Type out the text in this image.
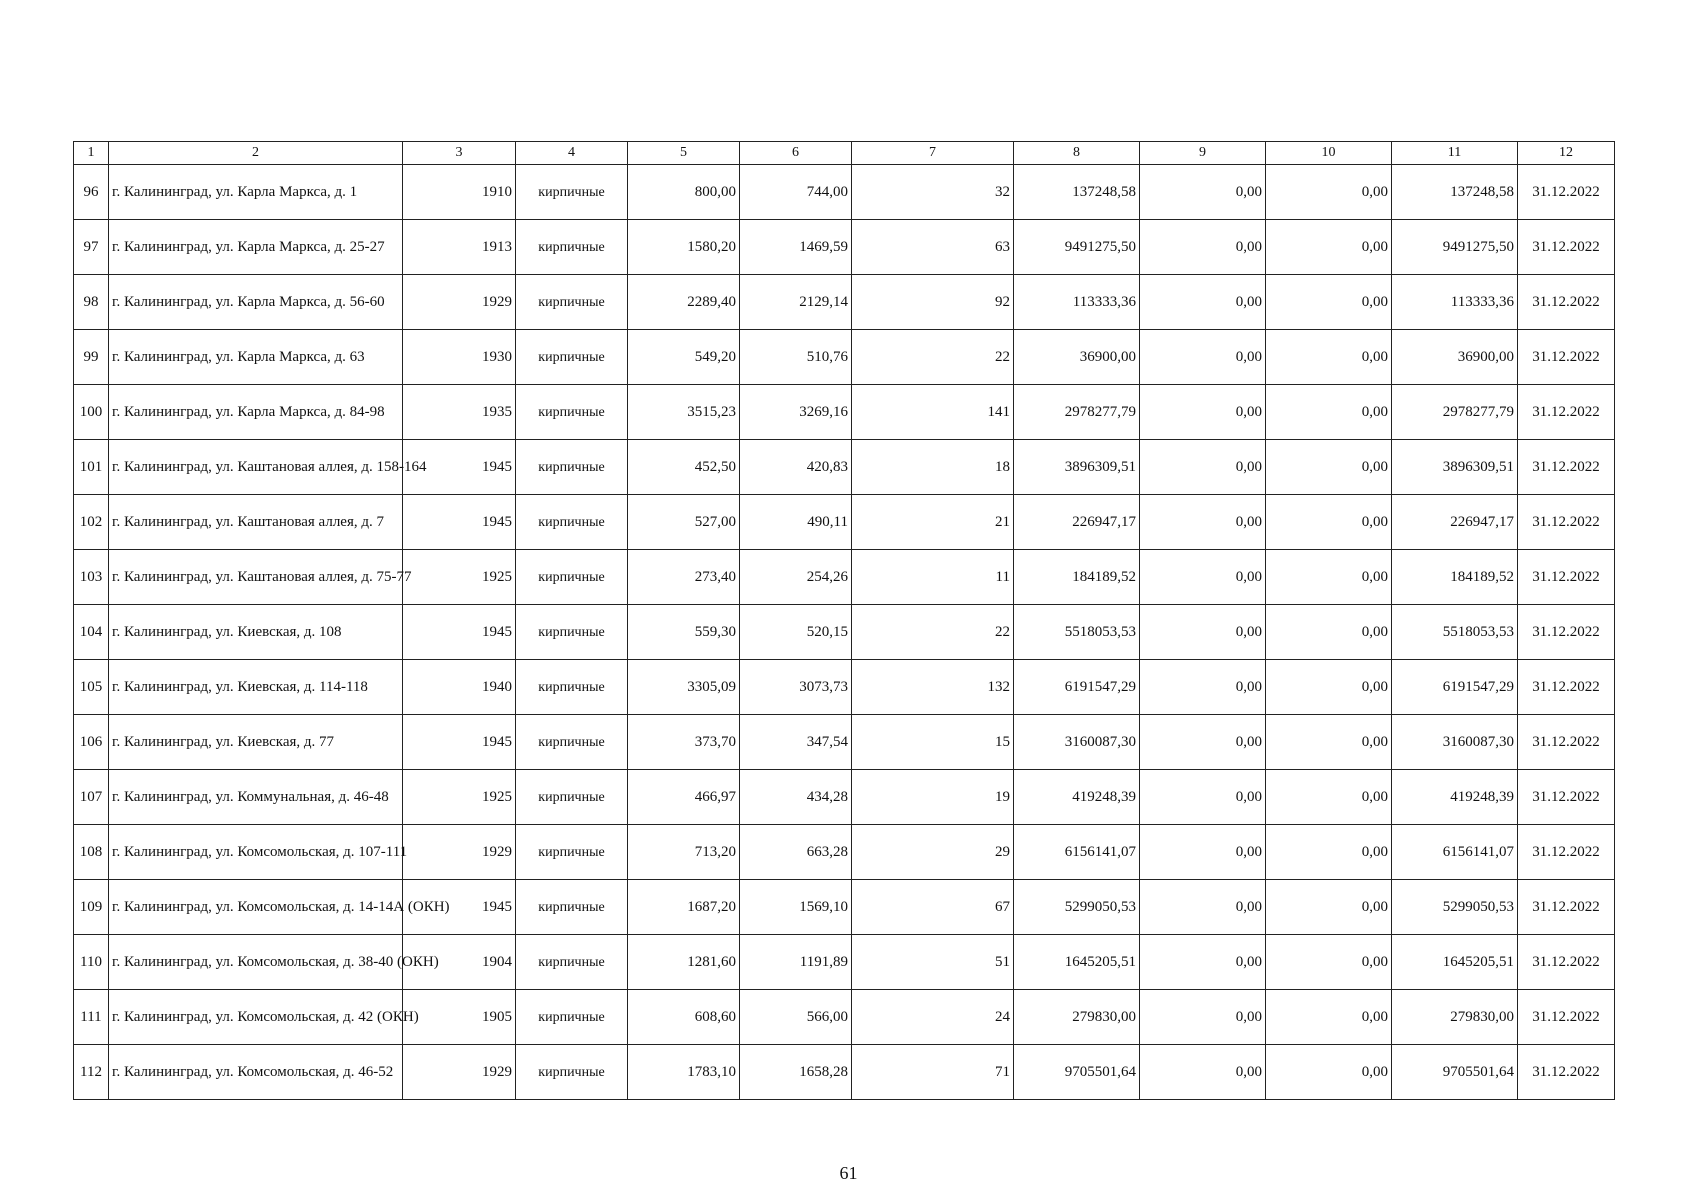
1	2	3	4	5	6	7	8	9	10	11	12
96	г. Калининград, ул. Карла Маркса, д. 1	1910	кирпичные	800,00	744,00	32	137248,58	0,00	0,00	137248,58	31.12.2022
97	г. Калининград, ул. Карла Маркса, д. 25-27	1913	кирпичные	1580,20	1469,59	63	9491275,50	0,00	0,00	9491275,50	31.12.2022
98	г. Калининград, ул. Карла Маркса, д. 56-60	1929	кирпичные	2289,40	2129,14	92	113333,36	0,00	0,00	113333,36	31.12.2022
99	г. Калининград, ул. Карла Маркса, д. 63	1930	кирпичные	549,20	510,76	22	36900,00	0,00	0,00	36900,00	31.12.2022
100	г. Калининград, ул. Карла Маркса, д. 84-98	1935	кирпичные	3515,23	3269,16	141	2978277,79	0,00	0,00	2978277,79	31.12.2022
101	г. Калининград, ул. Каштановая аллея, д. 158-164	1945	кирпичные	452,50	420,83	18	3896309,51	0,00	0,00	3896309,51	31.12.2022
102	г. Калининград, ул. Каштановая аллея, д. 7	1945	кирпичные	527,00	490,11	21	226947,17	0,00	0,00	226947,17	31.12.2022
103	г. Калининград, ул. Каштановая аллея, д. 75-77	1925	кирпичные	273,40	254,26	11	184189,52	0,00	0,00	184189,52	31.12.2022
104	г. Калининград, ул. Киевская, д. 108	1945	кирпичные	559,30	520,15	22	5518053,53	0,00	0,00	5518053,53	31.12.2022
105	г. Калининград, ул. Киевская, д. 114-118	1940	кирпичные	3305,09	3073,73	132	6191547,29	0,00	0,00	6191547,29	31.12.2022
106	г. Калининград, ул. Киевская, д. 77	1945	кирпичные	373,70	347,54	15	3160087,30	0,00	0,00	3160087,30	31.12.2022
107	г. Калининград, ул. Коммунальная, д. 46-48	1925	кирпичные	466,97	434,28	19	419248,39	0,00	0,00	419248,39	31.12.2022
108	г. Калининград, ул. Комсомольская, д. 107-111	1929	кирпичные	713,20	663,28	29	6156141,07	0,00	0,00	6156141,07	31.12.2022
109	г. Калининград, ул. Комсомольская, д. 14-14А (ОКН)	1945	кирпичные	1687,20	1569,10	67	5299050,53	0,00	0,00	5299050,53	31.12.2022
110	г. Калининград, ул. Комсомольская, д. 38-40 (ОКН)	1904	кирпичные	1281,60	1191,89	51	1645205,51	0,00	0,00	1645205,51	31.12.2022
111	г. Калининград, ул. Комсомольская, д. 42 (ОКН)	1905	кирпичные	608,60	566,00	24	279830,00	0,00	0,00	279830,00	31.12.2022
112	г. Калининград, ул. Комсомольская, д. 46-52	1929	кирпичные	1783,10	1658,28	71	9705501,64	0,00	0,00	9705501,64	31.12.2022
61
